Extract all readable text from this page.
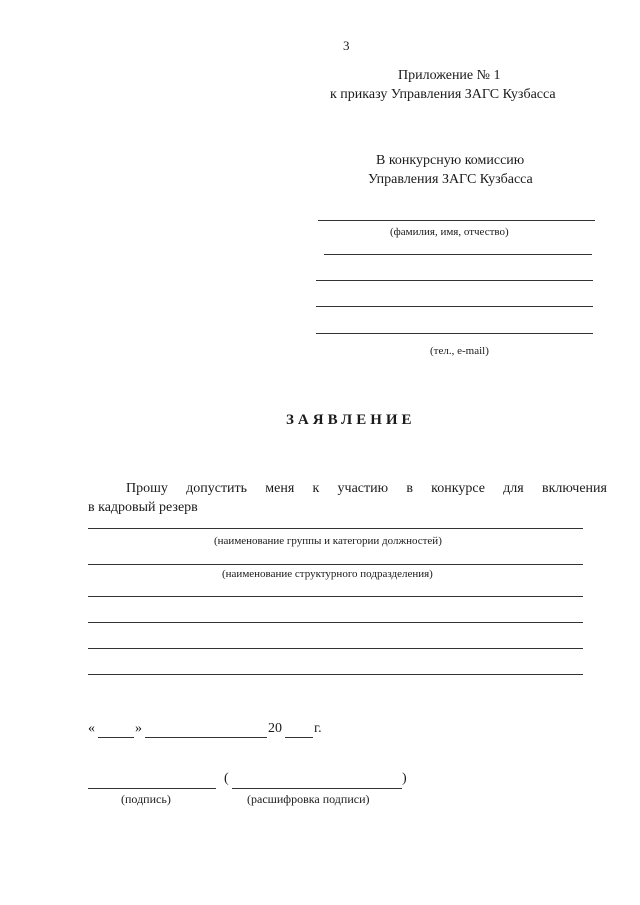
3
Приложение № 1
к приказу Управления ЗАГС Кузбасса
В конкурсную комиссию
Управления ЗАГС Кузбасса
(фамилия, имя, отчество)
(тел., e-mail)
ЗАЯВЛЕНИЕ
Прошу допустить меня к участию в конкурсе для включения
в кадровый резерв
(наименование группы и категории должностей)
(наименование структурного подразделения)
«	»	20 г.
(	)
(подпись)	(расшифровка подписи)
